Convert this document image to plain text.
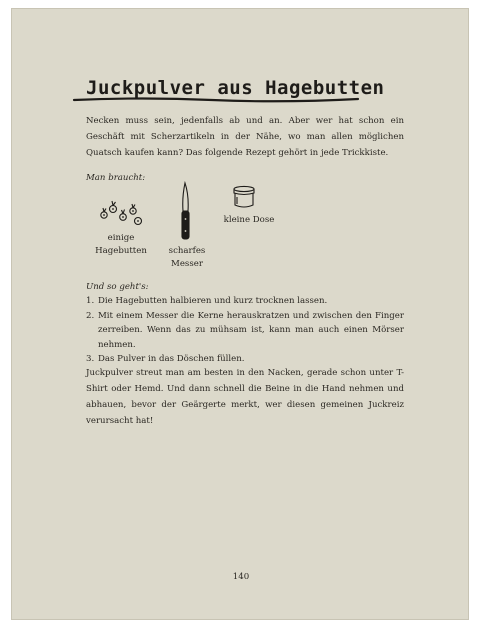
Juckpulver aus Hagebutten

Necken muss sein, jedenfalls ab und an. Aber wer hat schon ein Geschäft mit Scherzartikeln in der Nähe, wo man allen möglichen Quatsch kaufen kann? Das folgende Rezept gehört in jede Trickkiste.

Man braucht:

einige
Hagebutten	scharfes
Messer

kleine Dose

Und so geht's:

1. Die Hagebutten halbieren und kurz trocknen lassen.
2. Mit einem Messer die Kerne herauskratzen und zwischen den Finger zerreiben. Wenn das zu mühsam ist, kann man auch einen Mörser nehmen.
3. Das Pulver in das Döschen füllen.

Juckpulver streut man am besten in den Nacken, gerade schon unter T-Shirt oder Hemd. Und dann schnell die Beine in die Hand nehmen und abhauen, bevor der Geärgerte merkt, wer diesen gemeinen Juckreiz verursacht hat!

140
